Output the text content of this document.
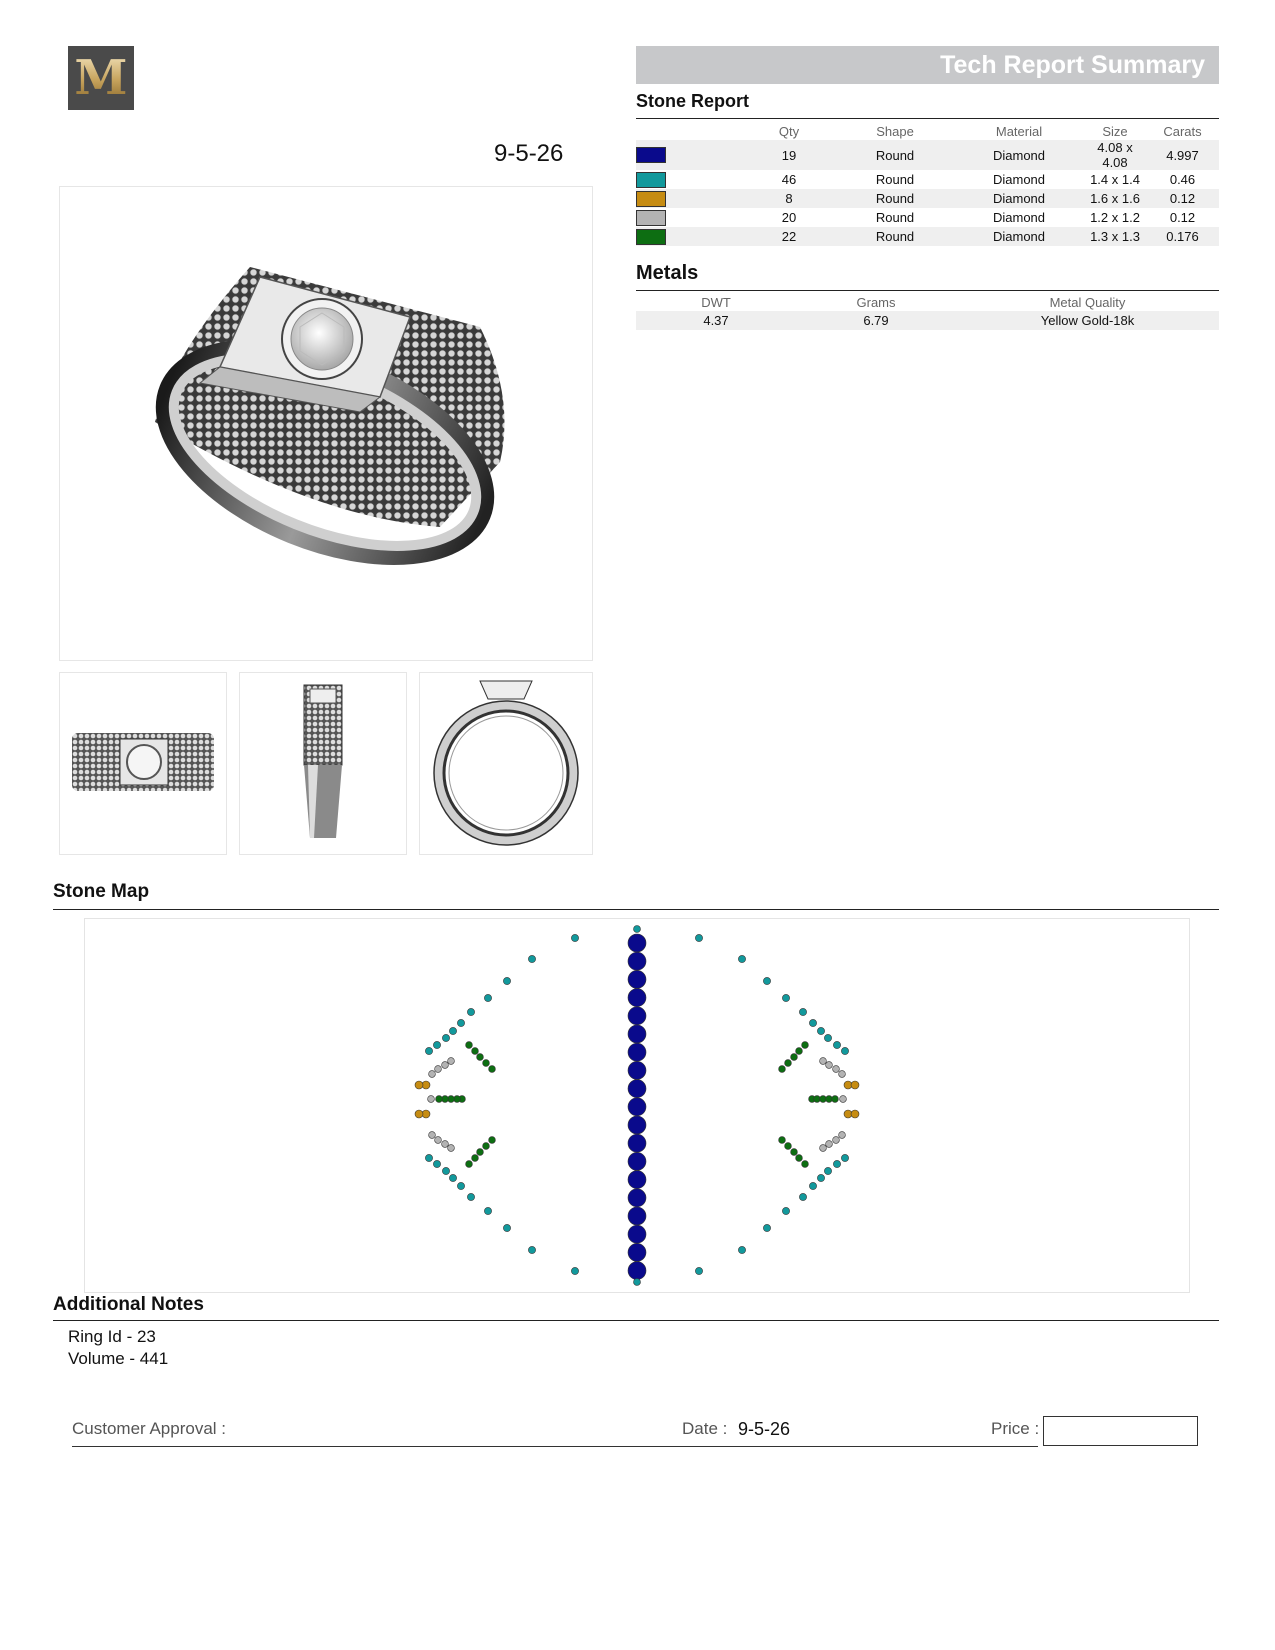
M
9-5-26
Tech Report Summary
Stone Report
		Qty	Shape	Material	Size	Carats
		19	Round	Diamond	4.08 x 4.08	4.997
		46	Round	Diamond	1.4 x 1.4	0.46
		8	Round	Diamond	1.6 x 1.6	0.12
		20	Round	Diamond	1.2 x 1.2	0.12
		22	Round	Diamond	1.3 x 1.3	0.176
Metals
DWT	Grams	Metal Quality
4.37	6.79	Yellow Gold-18k
Stone Map
Additional Notes
Ring Id - 23
Volume - 441
Customer Approval :	Date : 9-5-26	Price :
